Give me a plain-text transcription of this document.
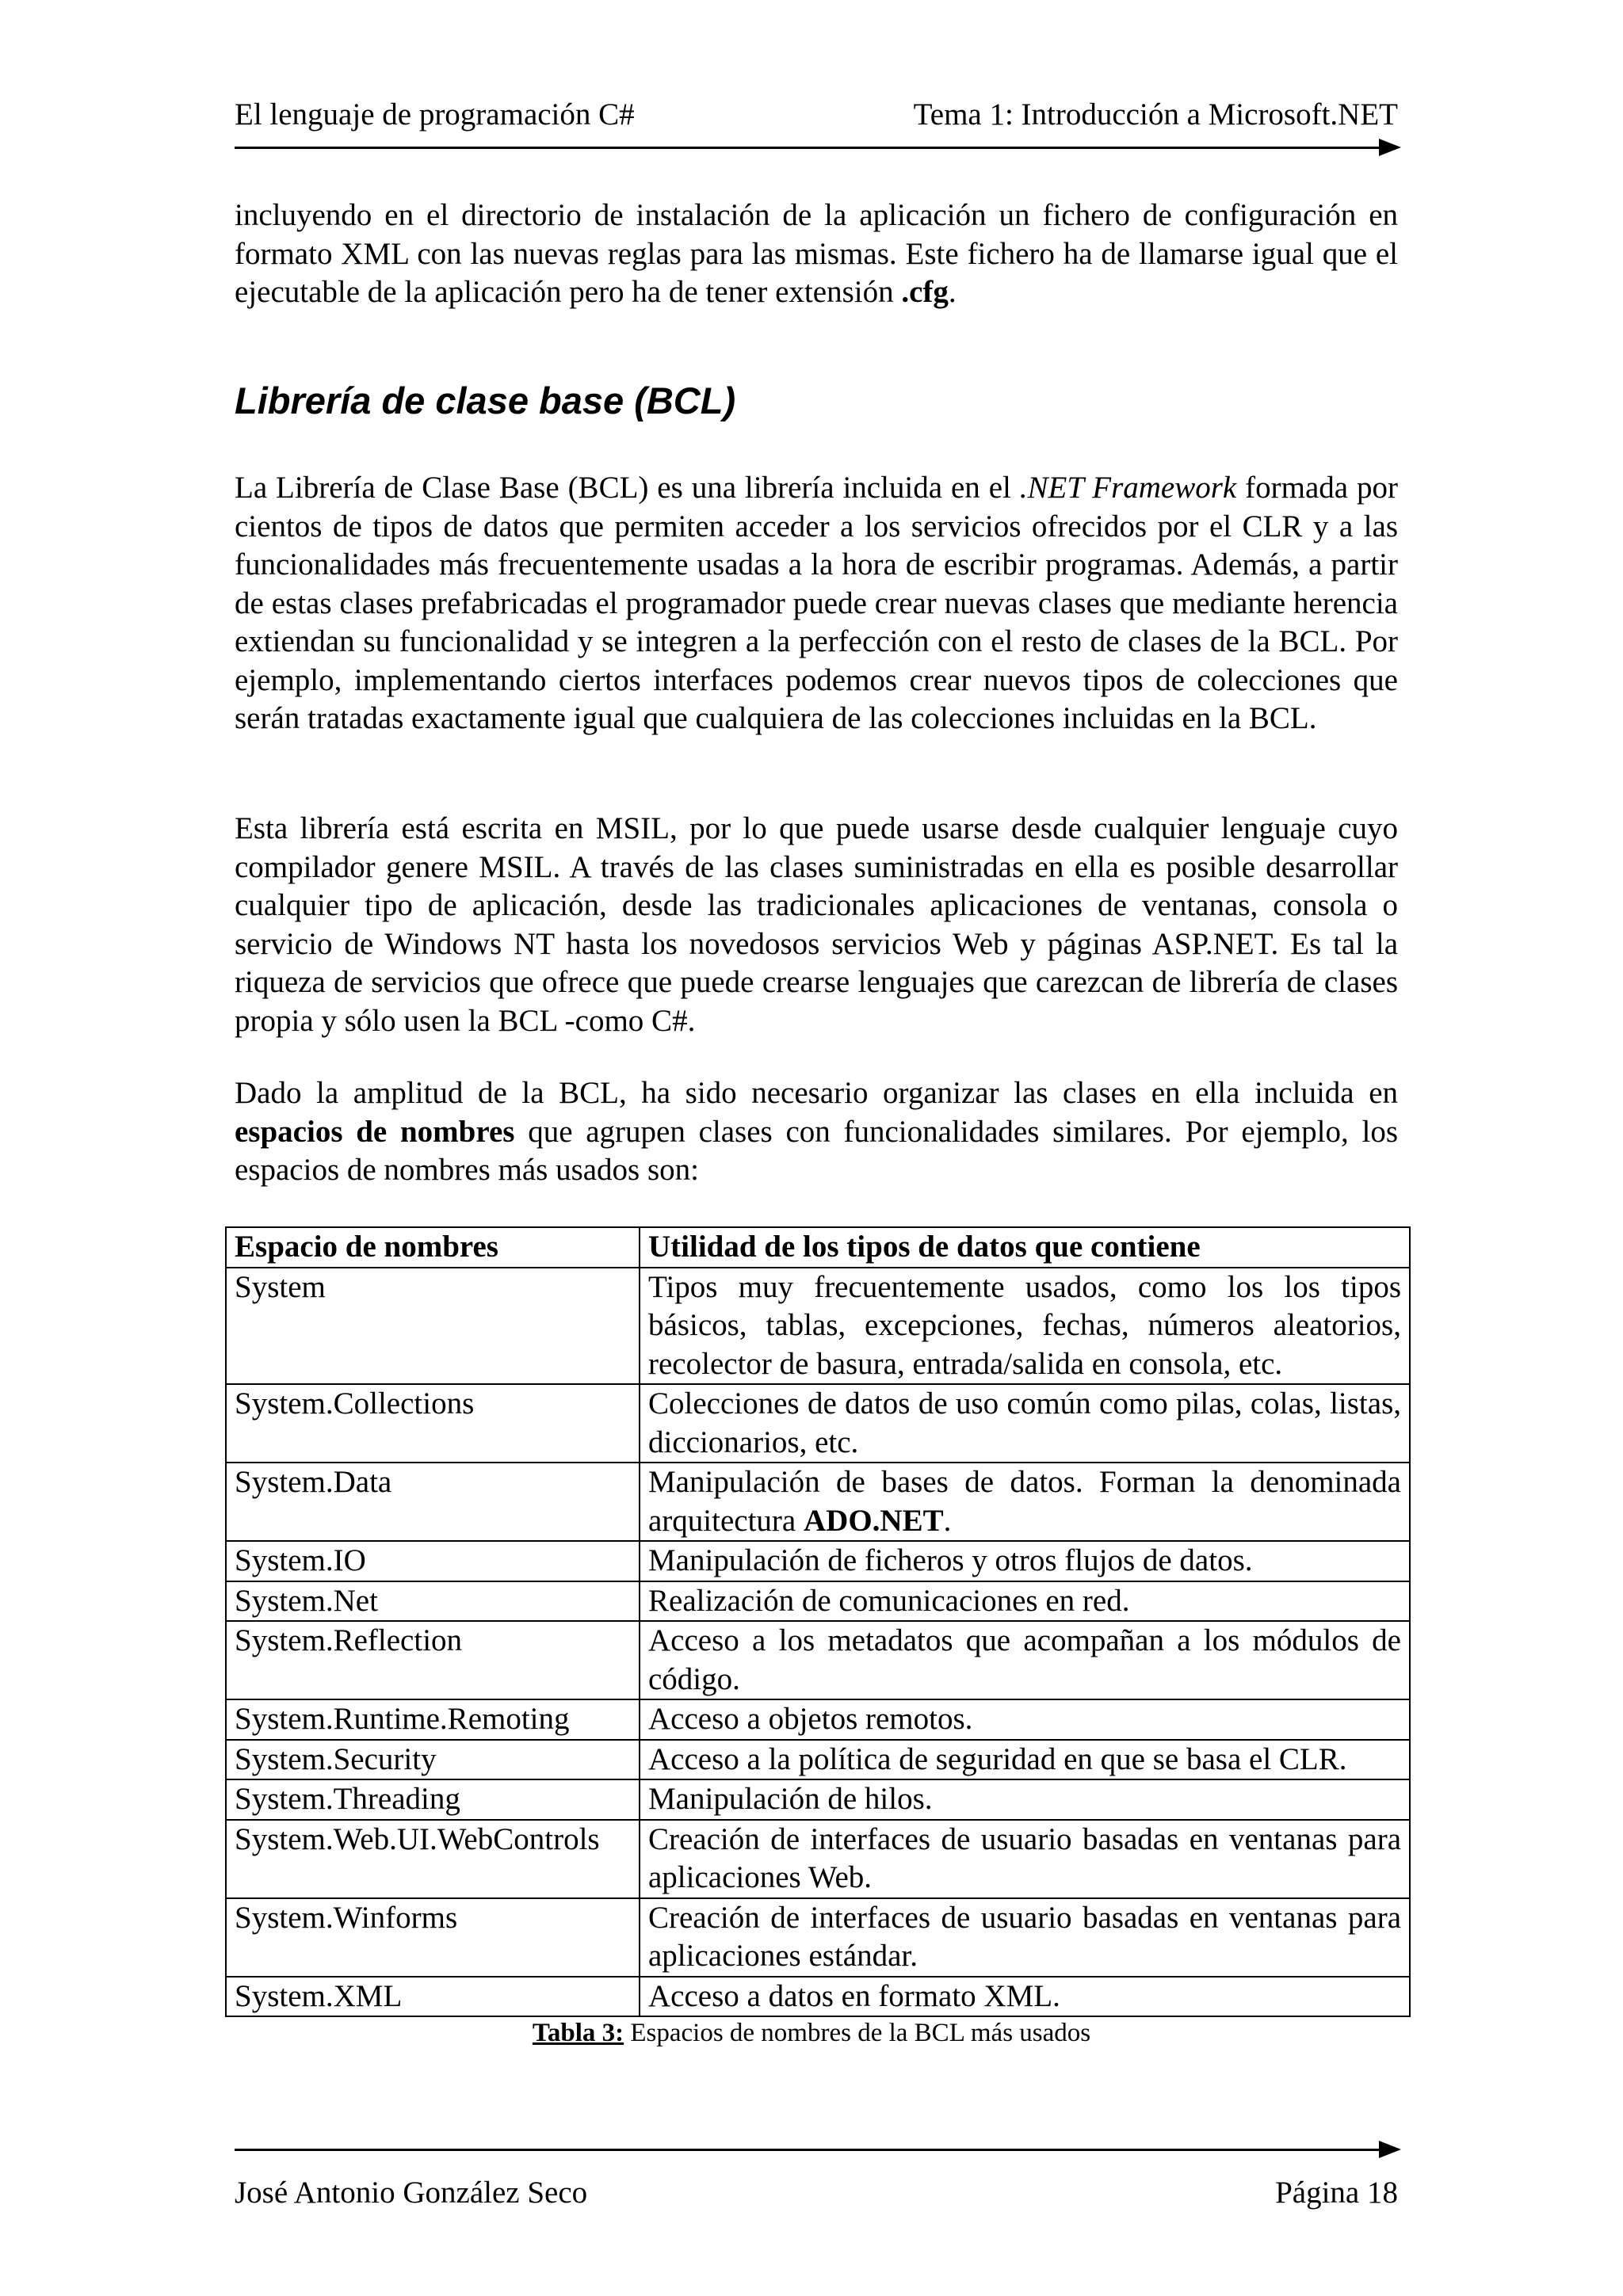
El lenguaje de programación C#	Tema 1: Introducción a Microsoft.NET

incluyendo en el directorio de instalación de la aplicación un fichero de configuración en formato XML con las nuevas reglas para las mismas. Este fichero ha de llamarse igual que el ejecutable de la aplicación pero ha de tener extensión .cfg.

Librería de clase base (BCL)

La Librería de Clase Base (BCL) es una librería incluida en el .NET Framework formada por cientos de tipos de datos que permiten acceder a los servicios ofrecidos por el CLR y a las funcionalidades más frecuentemente usadas a la hora de escribir programas. Además, a partir de estas clases prefabricadas el programador puede crear nuevas clases que mediante herencia extiendan su funcionalidad y se integren a la perfección con el resto de clases de la BCL. Por ejemplo, implementando ciertos interfaces podemos crear nuevos tipos de colecciones que serán tratadas exactamente igual que cualquiera de las colecciones incluidas en la BCL.

Esta librería está escrita en MSIL, por lo que puede usarse desde cualquier lenguaje cuyo compilador genere MSIL. A través de las clases suministradas en ella es posible desarrollar cualquier tipo de aplicación, desde las tradicionales aplicaciones de ventanas, consola o servicio de Windows NT hasta los novedosos servicios Web y páginas ASP.NET. Es tal la riqueza de servicios que ofrece que puede crearse lenguajes que carezcan de librería de clases propia y sólo usen la BCL -como C#.

Dado la amplitud de la BCL, ha sido necesario organizar las clases en ella incluida en espacios de nombres que agrupen clases con funcionalidades similares. Por ejemplo, los espacios de nombres más usados son:

Espacio de nombres	Utilidad de los tipos de datos que contiene
System	Tipos muy frecuentemente usados, como los los tipos básicos, tablas, excepciones, fechas, números aleatorios, recolector de basura, entrada/salida en consola, etc.
System.Collections	Colecciones de datos de uso común como pilas, colas, listas, diccionarios, etc.
System.Data	Manipulación de bases de datos. Forman la denominada arquitectura ADO.NET.
System.IO	Manipulación de ficheros y otros flujos de datos.
System.Net	Realización de comunicaciones en red.
System.Reflection	Acceso a los metadatos que acompañan a los módulos de código.
System.Runtime.Remoting	Acceso a objetos remotos.
System.Security	Acceso a la política de seguridad en que se basa el CLR.
System.Threading	Manipulación de hilos.
System.Web.UI.WebControls	Creación de interfaces de usuario basadas en ventanas para aplicaciones Web.
System.Winforms	Creación de interfaces de usuario basadas en ventanas para aplicaciones estándar.
System.XML	Acceso a datos en formato XML.
Tabla 3: Espacios de nombres de la BCL más usados
José Antonio González Seco	Página 18
